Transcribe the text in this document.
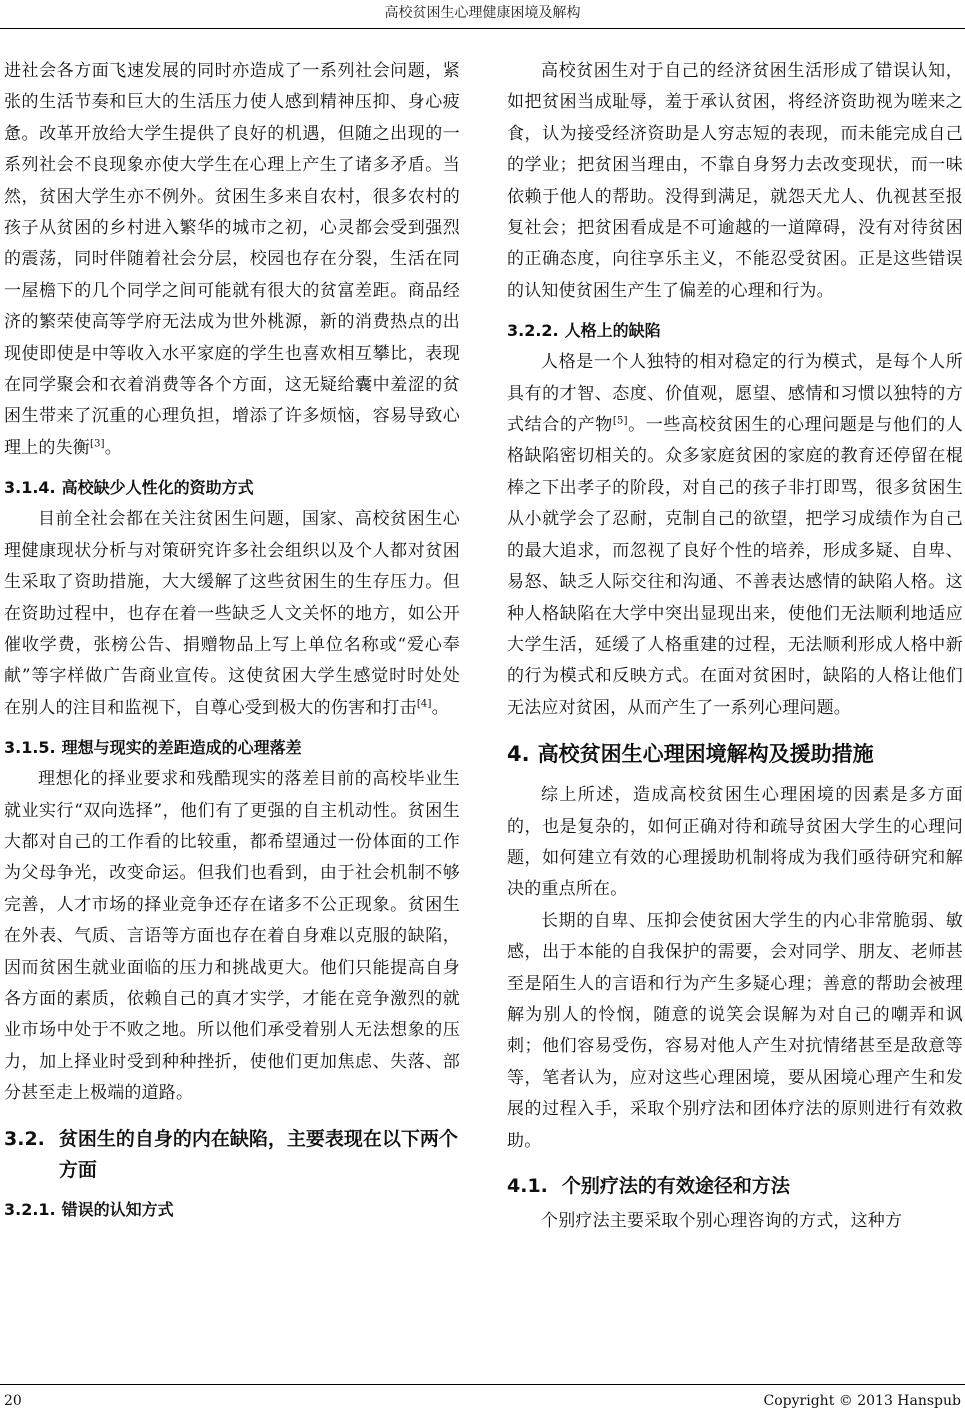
高校贫困生心理健康困境及解构

进社会各方面飞速发展的同时亦造成了一系列社会问题，紧张的生活节奏和巨大的生活压力使人感到精神压抑、身心疲惫。改革开放给大学生提供了良好的机遇，但随之出现的一系列社会不良现象亦使大学生在心理上产生了诸多矛盾。当然，贫困大学生亦不例外。贫困生多来自农村，很多农村的孩子从贫困的乡村进入繁华的城市之初，心灵都会受到强烈的震荡，同时伴随着社会分层，校园也存在分裂，生活在同一屋檐下的几个同学之间可能就有很大的贫富差距。商品经济的繁荣使高等学府无法成为世外桃源，新的消费热点的出现使即使是中等收入水平家庭的学生也喜欢相互攀比，表现在同学聚会和衣着消费等各个方面，这无疑给囊中羞涩的贫困生带来了沉重的心理负担，增添了许多烦恼，容易导致心理上的失衡[3]。

3.1.4. 高校缺少人性化的资助方式

目前全社会都在关注贫困生问题，国家、高校贫困生心理健康现状分析与对策研究许多社会组织以及个人都对贫困生采取了资助措施，大大缓解了这些贫困生的生存压力。但在资助过程中，也存在着一些缺乏人文关怀的地方，如公开催收学费，张榜公告、捐赠物品上写上单位名称或“爱心奉献”等字样做广告商业宣传。这使贫困大学生感觉时时处处在别人的注目和监视下，自尊心受到极大的伤害和打击[4]。

3.1.5. 理想与现实的差距造成的心理落差

理想化的择业要求和残酷现实的落差目前的高校毕业生就业实行“双向选择”，他们有了更强的自主机动性。贫困生大都对自己的工作看的比较重，都希望通过一份体面的工作为父母争光，改变命运。但我们也看到，由于社会机制不够完善，人才市场的择业竞争还存在诸多不公正现象。贫困生在外表、气质、言语等方面也存在着自身难以克服的缺陷，因而贫困生就业面临的压力和挑战更大。他们只能提高自身各方面的素质，依赖自己的真才实学，才能在竞争激烈的就业市场中处于不败之地。所以他们承受着别人无法想象的压力，加上择业时受到种种挫折，使他们更加焦虑、失落、部分甚至走上极端的道路。

3.2. 贫困生的自身的内在缺陷，主要表现在以下两个方面
3.2.1. 错误的认知方式

高校贫困生对于自己的经济贫困生活形成了错误认知，如把贫困当成耻辱，羞于承认贫困，将经济资助视为嗟来之食，认为接受经济资助是人穷志短的表现，而未能完成自己的学业；把贫困当理由，不靠自身努力去改变现状，而一味依赖于他人的帮助。没得到满足，就怨天尤人、仇视甚至报复社会；把贫困看成是不可逾越的一道障碍，没有对待贫困的正确态度，向往享乐主义，不能忍受贫困。正是这些错误的认知使贫困生产生了偏差的心理和行为。

3.2.2. 人格上的缺陷

人格是一个人独特的相对稳定的行为模式，是每个人所具有的才智、态度、价值观，愿望、感情和习惯以独特的方式结合的产物[5]。一些高校贫困生的心理问题是与他们的人格缺陷密切相关的。众多家庭贫困的家庭的教育还停留在棍棒之下出孝子的阶段，对自己的孩子非打即骂，很多贫困生从小就学会了忍耐，克制自己的欲望，把学习成绩作为自己的最大追求，而忽视了良好个性的培养，形成多疑、自卑、易怒、缺乏人际交往和沟通、不善表达感情的缺陷人格。这种人格缺陷在大学中突出显现出来，使他们无法顺利地适应大学生活，延缓了人格重建的过程，无法顺利形成人格中新的行为模式和反映方式。在面对贫困时，缺陷的人格让他们无法应对贫困，从而产生了一系列心理问题。

4. 高校贫困生心理困境解构及援助措施

综上所述，造成高校贫困生心理困境的因素是多方面的，也是复杂的，如何正确对待和疏导贫困大学生的心理问题，如何建立有效的心理援助机制将成为我们亟待研究和解决的重点所在。

长期的自卑、压抑会使贫困大学生的内心非常脆弱、敏感，出于本能的自我保护的需要，会对同学、朋友、老师甚至是陌生人的言语和行为产生多疑心理；善意的帮助会被理解为别人的怜悯，随意的说笑会误解为对自己的嘲弄和讽刺；他们容易受伤，容易对他人产生对抗情绪甚至是敌意等等，笔者认为，应对这些心理困境，要从困境心理产生和发展的过程入手，采取个别疗法和团体疗法的原则进行有效救助。

4.1. 个别疗法的有效途径和方法

个别疗法主要采取个别心理咨询的方式，这种方

20	Copyright © 2013 Hanspub
